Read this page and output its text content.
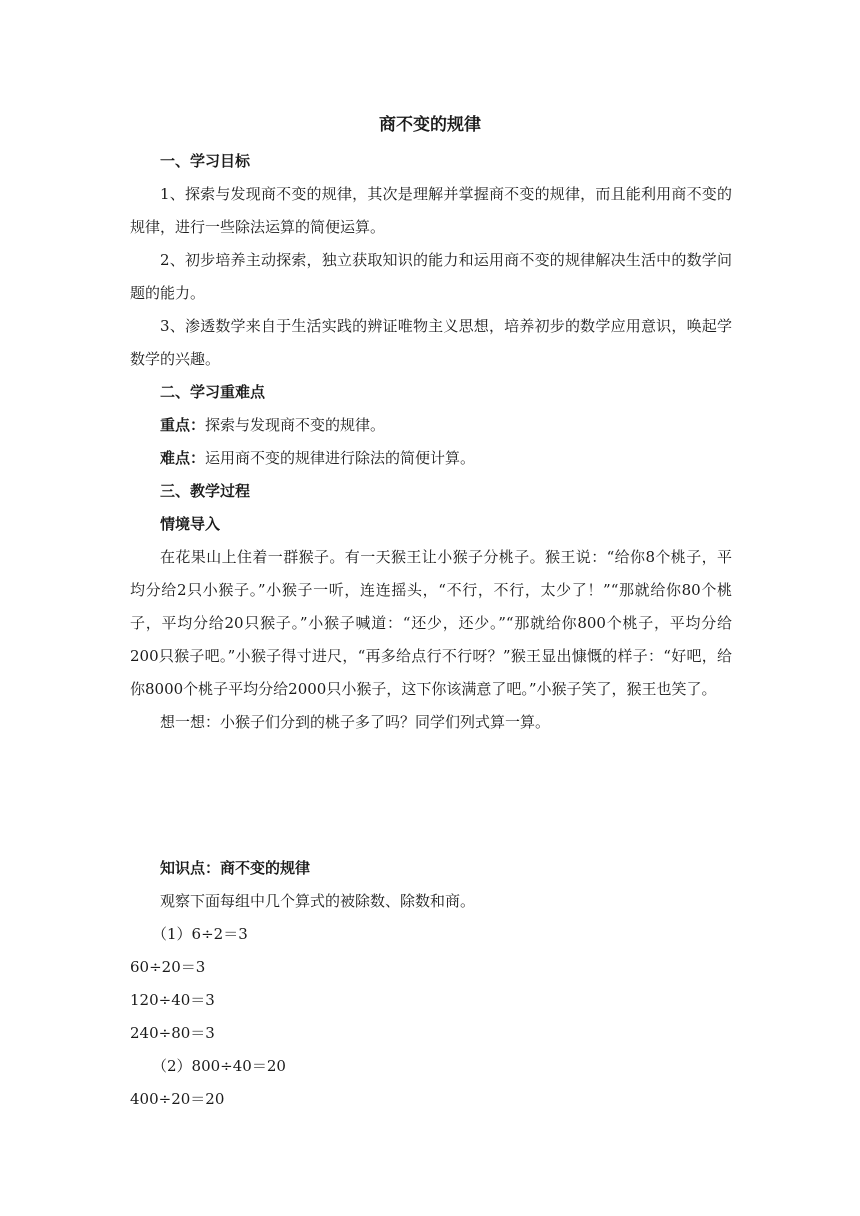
商不变的规律
一、学习目标
1、探索与发现商不变的规律，其次是理解并掌握商不变的规律，而且能利用商不变的规律，进行一些除法运算的简便运算。
2、初步培养主动探索，独立获取知识的能力和运用商不变的规律解决生活中的数学问题的能力。
3、渗透数学来自于生活实践的辨证唯物主义思想，培养初步的数学应用意识，唤起学数学的兴趣。
二、学习重难点
重点：探索与发现商不变的规律。
难点：运用商不变的规律进行除法的简便计算。
三、教学过程
情境导入
在花果山上住着一群猴子。有一天猴王让小猴子分桃子。猴王说：“给你8个桃子，平均分给2只小猴子。”小猴子一听，连连摇头，“不行，不行，太少了！”“那就给你80个桃子，平均分给20只猴子。”小猴子喊道：“还少，还少。”“那就给你800个桃子，平均分给200只猴子吧。”小猴子得寸进尺，“再多给点行不行呀？”猴王显出慷慨的样子：“好吧，给你8000个桃子平均分给2000只小猴子，这下你该满意了吧。”小猴子笑了，猴王也笑了。
想一想：小猴子们分到的桃子多了吗？同学们列式算一算。
知识点：商不变的规律
观察下面每组中几个算式的被除数、除数和商。
（1）6÷2＝3
60÷20＝3
120÷40＝3
240÷80＝3
（2）800÷40＝20
400÷20＝20
